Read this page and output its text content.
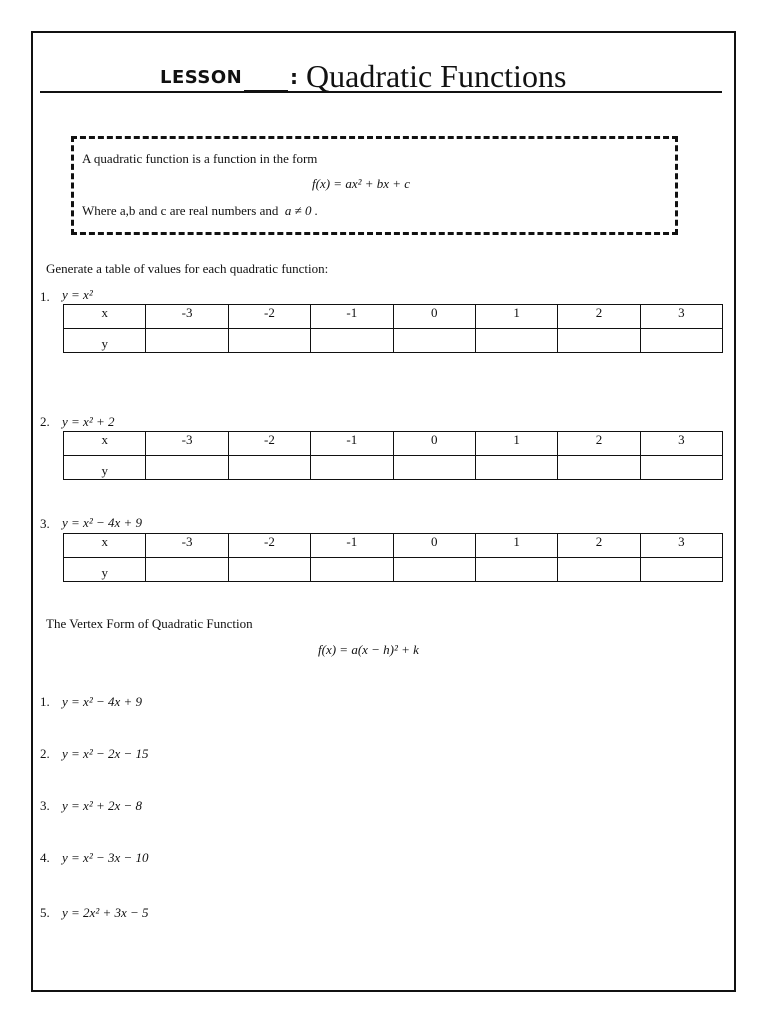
LESSON : Quadratic Functions
A quadratic function is a function in the form
f(x) = ax² + bx + c
Where a,b and c are real numbers and a ≠ 0 .
Generate a table of values for each quadratic function:
1. y = x²
x	-3	-2	-1	0	1	2	3
y							
2. y = x² + 2
x	-3	-2	-1	0	1	2	3
y							
3. y = x² − 4x + 9
x	-3	-2	-1	0	1	2	3
y							
The Vertex Form of Quadratic Function
f(x) = a(x − h)² + k
1. y = x² − 4x + 9
2. y = x² − 2x − 15
3. y = x² + 2x − 8
4. y = x² − 3x − 10
5. y = 2x² + 3x − 5
